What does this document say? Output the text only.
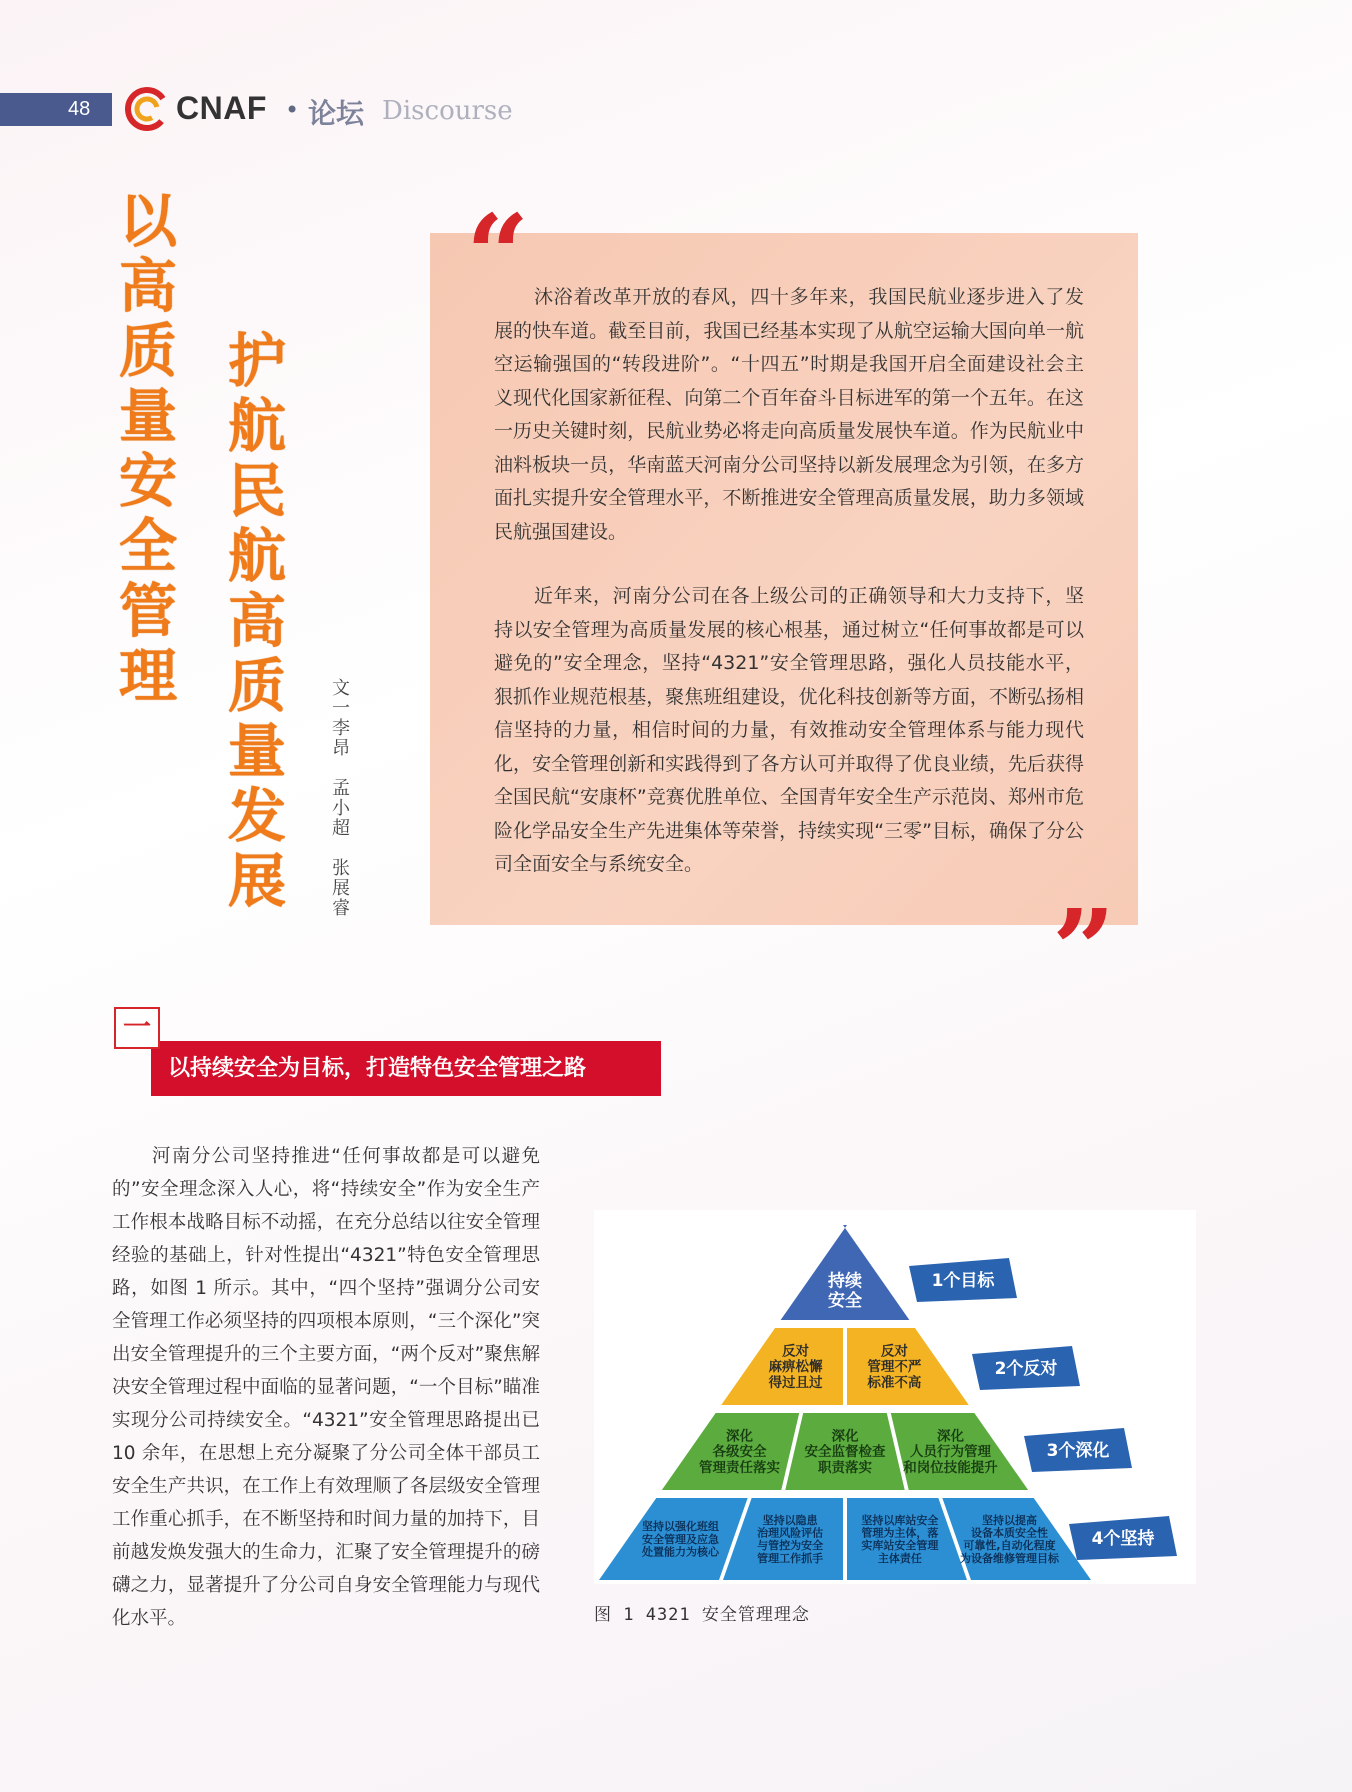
48	CNAF • 论坛 Discourse
以高质量安全管理 护航民航高质量发展 文一李昂　孟小超　张展睿
“ 沐浴着改革开放的春风，四十多年来，我国民航业逐步进入了发展的快车道。截至目前，我国已经基本实现了从航空运输大国向单一航空运输强国的“转段进阶”。“十四五”时期是我国开启全面建设社会主义现代化国家新征程、向第二个百年奋斗目标进军的第一个五年。在这一历史关键时刻，民航业势必将走向高质量发展快车道。作为民航业中油料板块一员，华南蓝天河南分公司坚持以新发展理念为引领，在多方面扎实提升安全管理水平，不断推进安全管理高质量发展，助力多领域民航强国建设。

近年来，河南分公司在各上级公司的正确领导和大力支持下，坚持以安全管理为高质量发展的核心根基，通过树立“任何事故都是可以避免的”安全理念，坚持“4321”安全管理思路，强化人员技能水平，狠抓作业规范根基，聚焦班组建设，优化科技创新等方面，不断弘扬相信坚持的力量，相信时间的力量，有效推动安全管理体系与能力现代化，安全管理创新和实践得到了各方认可并取得了优良业绩，先后获得全国民航“安康杯”竞赛优胜单位、全国青年安全生产示范岗、郑州市危险化学品安全生产先进集体等荣誉，持续实现“三零”目标，确保了分公司全面安全与系统安全。

”
一
以持续安全为目标，打造特色安全管理之路

河南分公司坚持推进“任何事故都是可以避免的”安全理念深入人心，将“持续安全”作为安全生产工作根本战略目标不动摇，在充分总结以往安全管理经验的基础上，针对性提出“4321”特色安全管理思路，如图 1 所示。其中，“四个坚持”强调分公司安全管理工作必须坚持的四项根本原则，“三个深化”突出安全管理提升的三个主要方面，“两个反对”聚焦解决安全管理过程中面临的显著问题，“一个目标”瞄准实现分公司持续安全。“4321”安全管理思路提出已10 余年，在思想上充分凝聚了分公司全体干部员工安全生产共识，在工作上有效理顺了各层级安全管理工作重心抓手，在不断坚持和时间力量的加持下，目前越发焕发强大的生命力，汇聚了安全管理提升的磅礴之力，显著提升了分公司自身安全管理能力与现代化水平。

持续
安全
反对
麻痹松懈
得过且过
反对
管理不严
标准不高
深化
各级安全
管理责任落实
深化
安全监督检查
职责落实
深化
人员行为管理
和岗位技能提升
坚持以强化班组
安全管理及应急
处置能力为核心
坚持以隐患
治理风险评估
与管控为安全
管理工作抓手
坚持以库站安全
管理为主体，落
实库站安全管理
主体责任
坚持以提高
设备本质安全性
可靠性,自动化程度
为设备维修管理目标
1个目标
2个反对
3个深化
4个坚持
图 1 4321 安全管理理念
